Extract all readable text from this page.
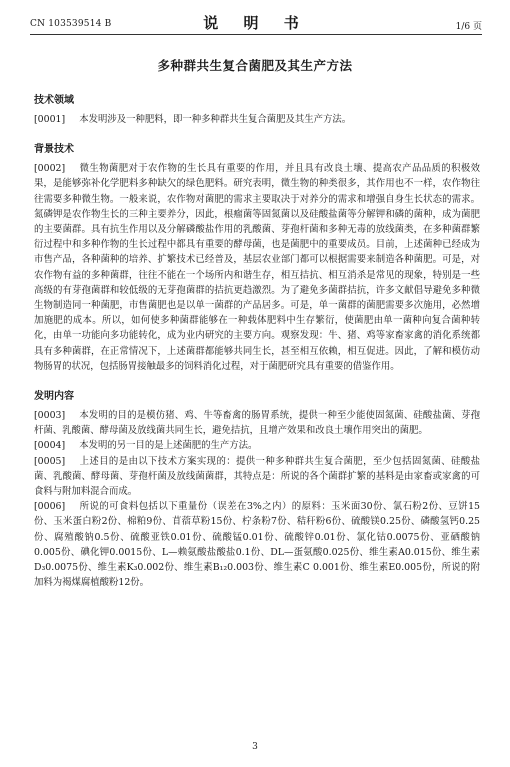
CN 103539514 B	说 明 书	1/6 页
多种群共生复合菌肥及其生产方法
技术领域

[0001] 本发明涉及一种肥料，即一种多种群共生复合菌肥及其生产方法。

背景技术

[0002] 微生物菌肥对于农作物的生长具有重要的作用，并且具有改良土壤、提高农产品品质的积极效果，是能够弥补化学肥料多种缺欠的绿色肥料。研究表明，微生物的种类很多，其作用也不一样，农作物往往需要多种微生物。一般来说，农作物对菌肥的需求主要取决于对养分的需求和增强自身生长状态的需求。氮磷钾是农作物生长的三种主要养分，因此，根瘤菌等固氮菌以及硅酸盐菌等分解钾和磷的菌种，成为菌肥的主要菌群。具有抗生作用以及分解磷酸盐作用的乳酸菌、芽孢杆菌和多种无毒的放线菌类，在多种菌群繁衍过程中和多种作物的生长过程中都具有重要的酵母菌，也是菌肥中的重要成员。目前，上述菌种已经成为市售产品，各种菌种的培养、扩繁技术已经普及，基层农业部门都可以根据需要来制造各种菌肥。可是，对农作物有益的多种菌群，往往不能在一个场所内和谐生存，相互拮抗、相互消杀是常见的现象，特别是一些高级的有芽孢菌群和较低级的无芽孢菌群的拮抗更趋激烈。为了避免多菌群拮抗，许多文献倡导避免多种微生物制造同一种菌肥，市售菌肥也是以单一菌群的产品居多。可是，单一菌群的菌肥需要多次施用，必然增加施肥的成本。所以，如何使多种菌群能够在一种载体肥料中生存繁衍，使菌肥由单一菌种向复合菌种转化，由单一功能向多功能转化，成为业内研究的主要方向。观察发现：牛、猪、鸡等家畜家禽的消化系统都具有多种菌群，在正常情况下，上述菌群都能够共同生长，甚至相互依赖，相互促进。因此，了解和模仿动物肠胃的状况，包括肠胃接触最多的饲料消化过程，对于菌肥研究具有重要的借鉴作用。

发明内容

[0003] 本发明的目的是模仿猪、鸡、牛等畜禽的肠胃系统，提供一种至少能使固氮菌、硅酸盐菌、芽孢杆菌、乳酸菌、酵母菌及放线菌共同生长，避免拮抗，且增产效果和改良土壤作用突出的菌肥。

[0004] 本发明的另一目的是上述菌肥的生产方法。

[0005] 上述目的是由以下技术方案实现的：提供一种多种群共生复合菌肥，至少包括固氮菌、硅酸盐菌、乳酸菌、酵母菌、芽孢杆菌及放线菌菌群，其特点是：所说的各个菌群扩繁的基料是由家畜或家禽的可食料与附加料混合而成。

[0006] 所说的可食料包括以下重量份（误差在3%之内）的原料：玉米面30份、氯石粉2份、豆饼15份、玉米蛋白粉2份、棉粕9份、苜蓿草粉15份、柠条粉7份、秸秆粉6份、硫酸镁0.25份、磷酸氢钙0.25份、腐殖酸钠0.5份、硫酸亚铁0.01份、硫酸锰0.01份、硫酸锌0.01份、氯化钴0.0075份、亚硒酸钠0.005份、碘化钾0.0015份、L—赖氨酸盐酸盐0.1份、DL—蛋氨酸0.025份、维生素A0.015份、维生素D₃0.0075份、维生素K₃0.002份、维生素B₁₂0.003份、维生素C 0.001份、维生素E0.005份，所说的附加料为褐煤腐植酸粉12份。

3
